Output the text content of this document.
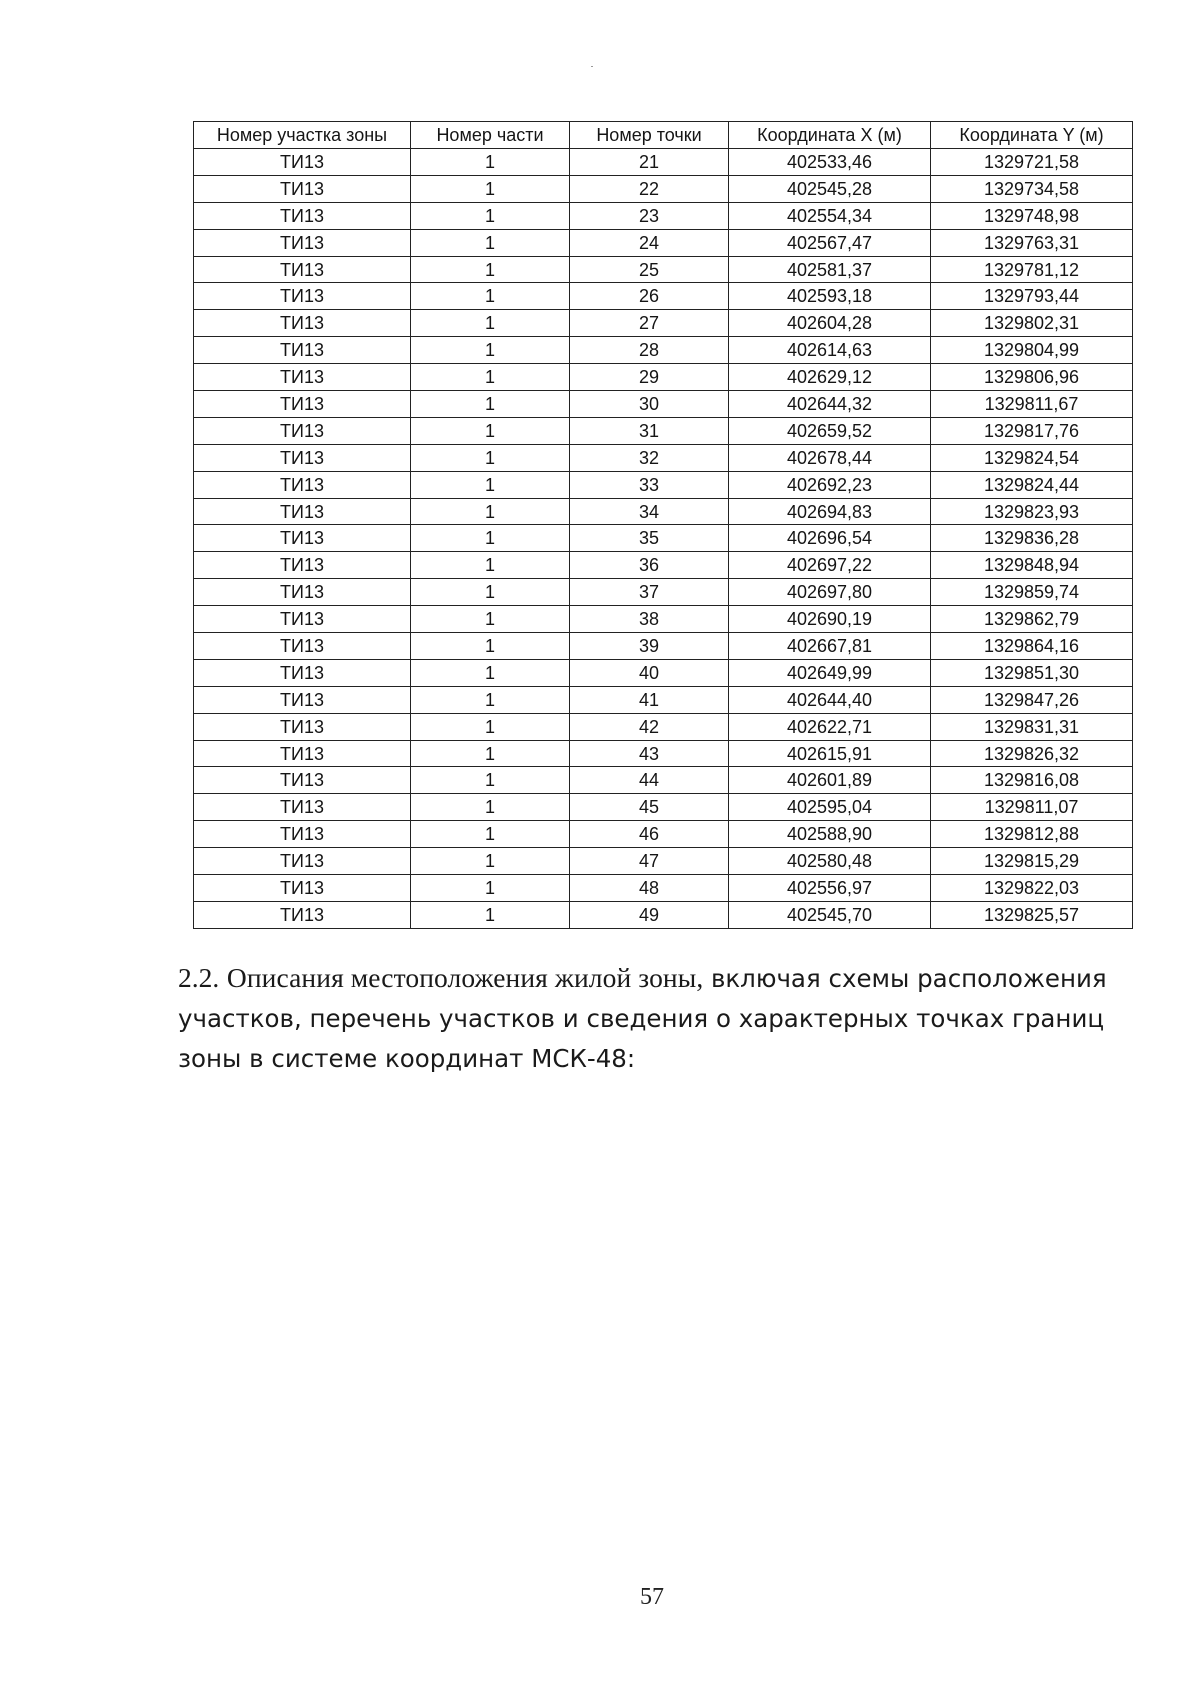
Номер участка зоны	Номер части	Номер точки	Координата X (м)	Координата Y (м)
ТИ13	1	21	402533,46	1329721,58
ТИ13	1	22	402545,28	1329734,58
ТИ13	1	23	402554,34	1329748,98
ТИ13	1	24	402567,47	1329763,31
ТИ13	1	25	402581,37	1329781,12
ТИ13	1	26	402593,18	1329793,44
ТИ13	1	27	402604,28	1329802,31
ТИ13	1	28	402614,63	1329804,99
ТИ13	1	29	402629,12	1329806,96
ТИ13	1	30	402644,32	1329811,67
ТИ13	1	31	402659,52	1329817,76
ТИ13	1	32	402678,44	1329824,54
ТИ13	1	33	402692,23	1329824,44
ТИ13	1	34	402694,83	1329823,93
ТИ13	1	35	402696,54	1329836,28
ТИ13	1	36	402697,22	1329848,94
ТИ13	1	37	402697,80	1329859,74
ТИ13	1	38	402690,19	1329862,79
ТИ13	1	39	402667,81	1329864,16
ТИ13	1	40	402649,99	1329851,30
ТИ13	1	41	402644,40	1329847,26
ТИ13	1	42	402622,71	1329831,31
ТИ13	1	43	402615,91	1329826,32
ТИ13	1	44	402601,89	1329816,08
ТИ13	1	45	402595,04	1329811,07
ТИ13	1	46	402588,90	1329812,88
ТИ13	1	47	402580,48	1329815,29
ТИ13	1	48	402556,97	1329822,03
ТИ13	1	49	402545,70	1329825,57

2.2. Описания местоположения жилой зоны, включая схемы расположения участков, перечень участков и сведения о характерных точках границ зоны в системе координат МСК-48:

57
